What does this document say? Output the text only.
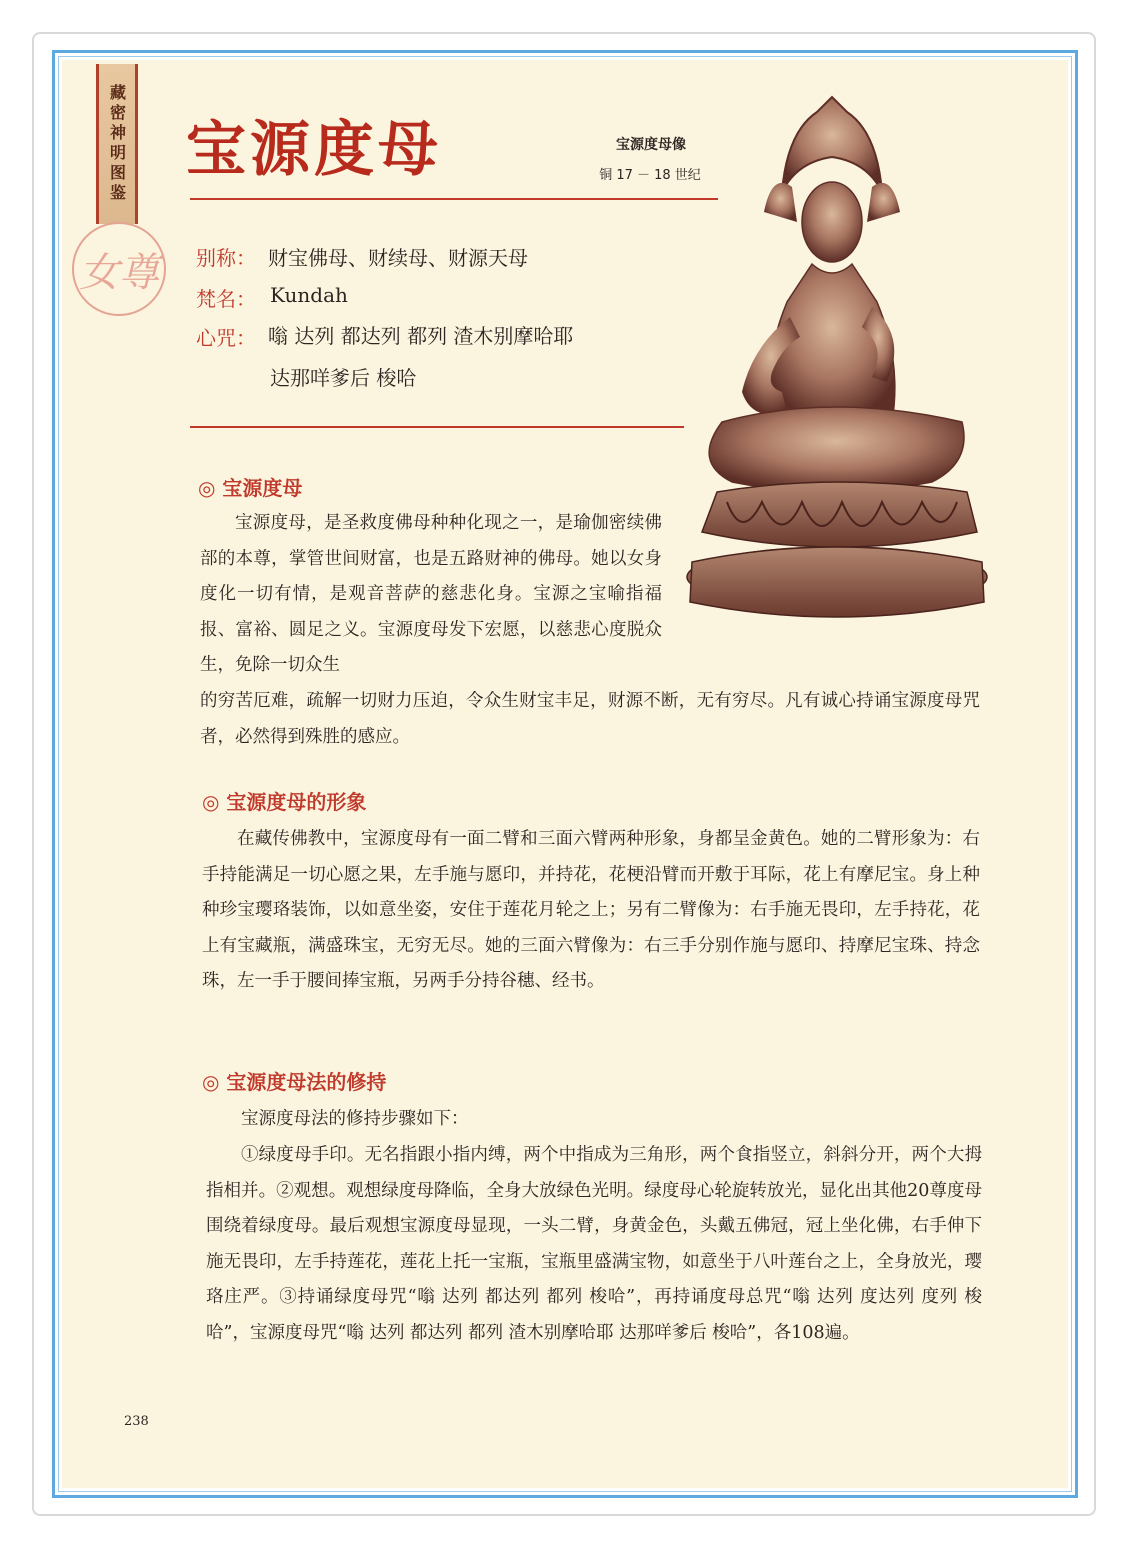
藏密神明图鉴
女尊
宝源度母	宝源度母像
铜 17 － 18 世纪
别称： 财宝佛母、财续母、财源天母
梵名： Kundah
心咒： 嗡 达列 都达列 都列 渣木别摩哈耶
达那咩爹后 梭哈
◎ 宝源度母

宝源度母，是圣救度佛母种种化现之一，是瑜伽密续佛部的本尊，掌管世间财富，也是五路财神的佛母。她以女身度化一切有情，是观音菩萨的慈悲化身。宝源之宝喻指福报、富裕、圆足之义。宝源度母发下宏愿，以慈悲心度脱众生，免除一切众生

的穷苦厄难，疏解一切财力压迫，令众生财宝丰足，财源不断，无有穷尽。凡有诚心持诵宝源度母咒者，必然得到殊胜的感应。

◎ 宝源度母的形象

在藏传佛教中，宝源度母有一面二臂和三面六臂两种形象，身都呈金黄色。她的二臂形象为：右手持能满足一切心愿之果，左手施与愿印，并持花，花梗沿臂而开敷于耳际，花上有摩尼宝。身上种种珍宝璎珞装饰，以如意坐姿，安住于莲花月轮之上；另有二臂像为：右手施无畏印，左手持花，花上有宝藏瓶，满盛珠宝，无穷无尽。她的三面六臂像为：右三手分别作施与愿印、持摩尼宝珠、持念珠，左一手于腰间捧宝瓶，另两手分持谷穗、经书。

◎ 宝源度母法的修持

宝源度母法的修持步骤如下：

①绿度母手印。无名指跟小指内缚，两个中指成为三角形，两个食指竖立，斜斜分开，两个大拇指相并。②观想。观想绿度母降临，全身大放绿色光明。绿度母心轮旋转放光，显化出其他20尊度母围绕着绿度母。最后观想宝源度母显现，一头二臂，身黄金色，头戴五佛冠，冠上坐化佛，右手伸下施无畏印，左手持莲花，莲花上托一宝瓶，宝瓶里盛满宝物，如意坐于八叶莲台之上，全身放光，璎珞庄严。③持诵绿度母咒“嗡 达列 都达列 都列 梭哈”，再持诵度母总咒“嗡 达列 度达列 度列 梭哈”，宝源度母咒“嗡 达列 都达列 都列 渣木别摩哈耶 达那咩爹后 梭哈”，各108遍。

238
